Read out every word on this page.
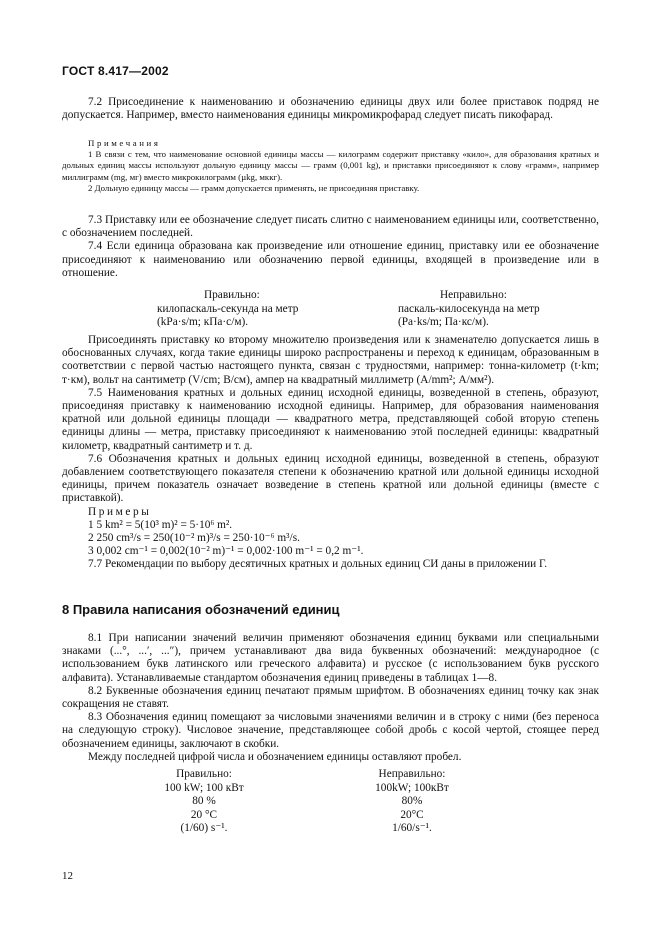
ГОСТ 8.417—2002

7.2 Присоединение к наименованию и обозначению единицы двух или более приставок подряд не допускается. Например, вместо наименования единицы микромикрофарад следует писать пикофарад.

Примечания

1 В связи с тем, что наименование основной единицы массы — килограмм содержит приставку «кило», для образования кратных и дольных единиц массы используют дольную единицу массы — грамм (0,001 kg), и приставки присоединяют к слову «грамм», например миллиграмм (mg, мг) вместо микрокилограмм (µkg, мккг).

2 Дольную единицу массы — грамм допускается применять, не присоединяя приставку.

7.3 Приставку или ее обозначение следует писать слитно с наименованием единицы или, соответственно, с обозначением последней.

7.4 Если единица образована как произведение или отношение единиц, приставку или ее обозначение присоединяют к наименованию или обозначению первой единицы, входящей в произведение или в отношение.

Правильно:
килопаскаль-секунда на метр
(kPa·s/m; кПа·с/м).
Неправильно:
паскаль-килосекунда на метр
(Pa·ks/m; Па·кс/м).

Присоединять приставку ко второму множителю произведения или к знаменателю допускается лишь в обоснованных случаях, когда такие единицы широко распространены и переход к единицам, образованным в соответствии с первой частью настоящего пункта, связан с трудностями, например: тонна-километр (t·km; т·км), вольт на сантиметр (V/cm; В/см), ампер на квадратный миллиметр (A/mm²; А/мм²).

7.5 Наименования кратных и дольных единиц исходной единицы, возведенной в степень, образуют, присоединяя приставку к наименованию исходной единицы. Например, для образования наименования кратной или дольной единицы площади — квадратного метра, представляющей собой вторую степень единицы длины — метра, приставку присоединяют к наименованию этой последней единицы: квадратный километр, квадратный сантиметр и т. д.

7.6 Обозначения кратных и дольных единиц исходной единицы, возведенной в степень, образуют добавлением соответствующего показателя степени к обозначению кратной или дольной единицы исходной единицы, причем показатель означает возведение в степень кратной или дольной единицы (вместе с приставкой).

Примеры

1 5 km² = 5(10³ m)² = 5·10⁶ m².

2 250 cm³/s = 250(10⁻² m)³/s = 250·10⁻⁶ m³/s.

3 0,002 cm⁻¹ = 0,002(10⁻² m)⁻¹ = 0,002·100 m⁻¹ = 0,2 m⁻¹.

7.7 Рекомендации по выбору десятичных кратных и дольных единиц СИ даны в приложении Г.

8 Правила написания обозначений единиц

8.1 При написании значений величин применяют обозначения единиц буквами или специальными знаками (...°, ...′, ...″), причем устанавливают два вида буквенных обозначений: международное (с использованием букв латинского или греческого алфавита) и русское (с использованием букв русского алфавита). Устанавливаемые стандартом обозначения единиц приведены в таблицах 1—8.

8.2 Буквенные обозначения единиц печатают прямым шрифтом. В обозначениях единиц точку как знак сокращения не ставят.

8.3 Обозначения единиц помещают за числовыми значениями величин и в строку с ними (без переноса на следующую строку). Числовое значение, представляющее собой дробь с косой чертой, стоящее перед обозначением единицы, заключают в скобки.

Между последней цифрой числа и обозначением единицы оставляют пробел.

Правильно:
100 kW; 100 кВт
80 %
20 °C
(1/60) s⁻¹.
Неправильно:
100kW; 100кВт
80%
20°C
1/60/s⁻¹.
12
